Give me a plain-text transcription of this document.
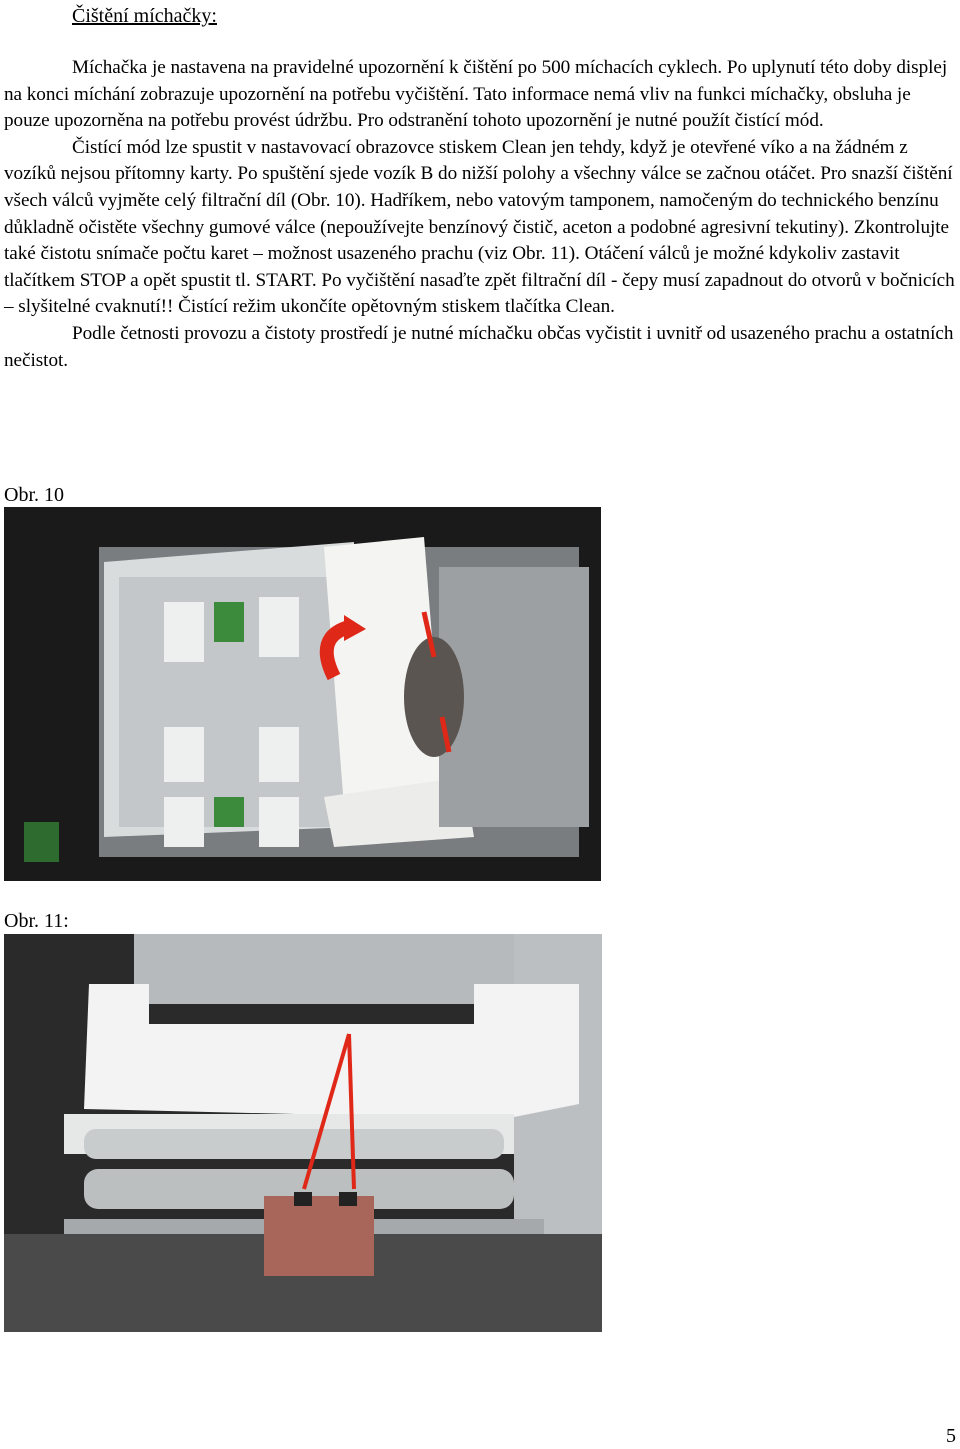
Čištění míchačky:

Míchačka je nastavena na pravidelné upozornění k čištění po 500 míchacích cyklech. Po uplynutí této doby displej na konci míchání zobrazuje upozornění na potřebu vyčištění. Tato informace nemá vliv na funkci míchačky, obsluha je pouze upozorněna na potřebu provést údržbu. Pro odstranění tohoto upozornění je nutné použít čistící mód.

Čistící mód lze spustit v nastavovací obrazovce stiskem Clean jen tehdy, když je otevřené víko a na žádném z vozíků nejsou přítomny karty. Po spuštění sjede vozík B do nižší polohy a všechny válce se začnou otáčet. Pro snazší čištění všech válců vyjměte celý filtrační díl (Obr. 10). Hadříkem, nebo vatovým tamponem, namočeným do technického benzínu důkladně očistěte všechny gumové válce (nepoužívejte benzínový čistič, aceton a podobné agresivní tekutiny). Zkontrolujte také čistotu snímače počtu karet – možnost usazeného prachu (viz Obr. 11). Otáčení válců je možné kdykoliv zastavit tlačítkem STOP a opět spustit tl. START. Po vyčištění nasaďte zpět filtrační díl - čepy musí zapadnout do otvorů v bočnicích – slyšitelné cvaknutí!! Čistící režim ukončíte opětovným stiskem tlačítka Clean.

Podle četnosti provozu a čistoty prostředí je nutné míchačku občas vyčistit i uvnitř od usazeného prachu a ostatních nečistot.

Obr. 10
Obr. 11:
5
